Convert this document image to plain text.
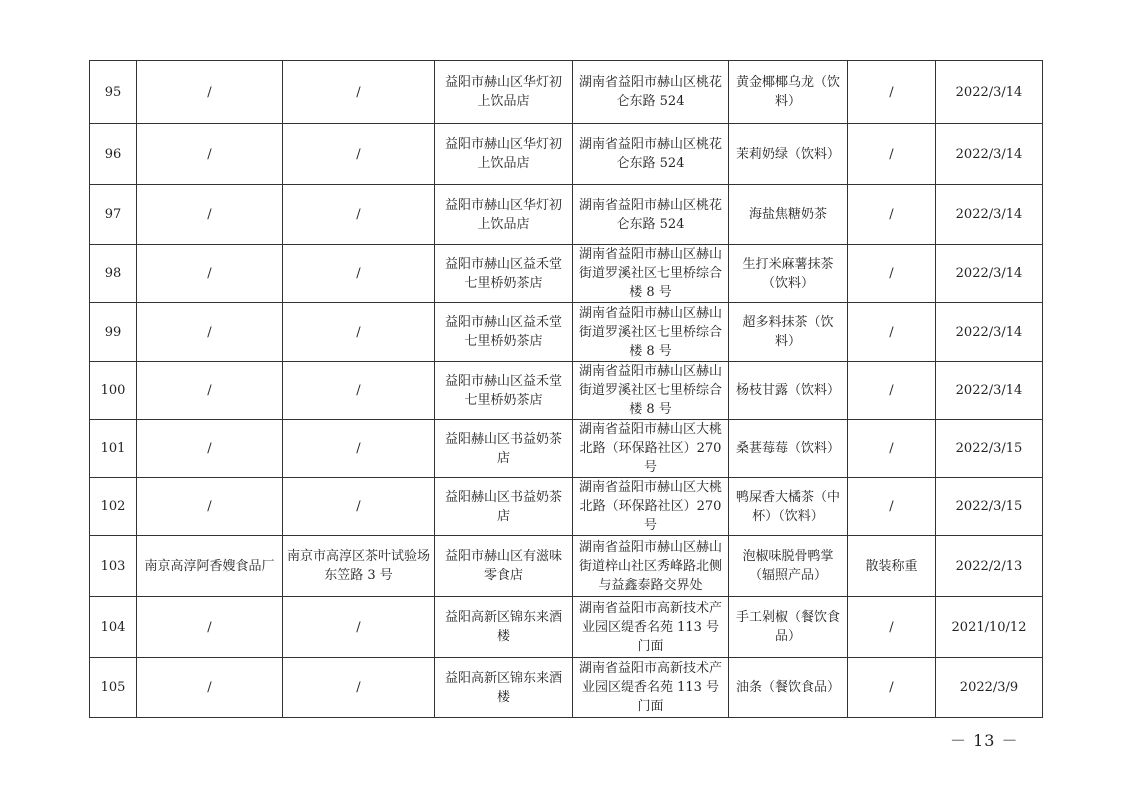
95	/	/	益阳市赫山区华灯初上饮品店	湖南省益阳市赫山区桃花仑东路 524	黄金椰椰乌龙（饮料）	/	2022/3/14
96	/	/	益阳市赫山区华灯初上饮品店	湖南省益阳市赫山区桃花仑东路 524	茉莉奶绿（饮料）	/	2022/3/14
97	/	/	益阳市赫山区华灯初上饮品店	湖南省益阳市赫山区桃花仑东路 524	海盐焦糖奶茶	/	2022/3/14
98	/	/	益阳市赫山区益禾堂七里桥奶茶店	湖南省益阳市赫山区赫山街道罗溪社区七里桥综合楼 8 号	生打米麻薯抹茶（饮料）	/	2022/3/14
99	/	/	益阳市赫山区益禾堂七里桥奶茶店	湖南省益阳市赫山区赫山街道罗溪社区七里桥综合楼 8 号	超多料抹茶（饮料）	/	2022/3/14
100	/	/	益阳市赫山区益禾堂七里桥奶茶店	湖南省益阳市赫山区赫山街道罗溪社区七里桥综合楼 8 号	杨枝甘露（饮料）	/	2022/3/14
101	/	/	益阳赫山区书益奶茶店	湖南省益阳市赫山区大桃北路（环保路社区）270 号	桑葚莓莓（饮料）	/	2022/3/15
102	/	/	益阳赫山区书益奶茶店	湖南省益阳市赫山区大桃北路（环保路社区）270 号	鸭屎香大橘茶（中杯）（饮料）	/	2022/3/15
103	南京高淳阿香嫂食品厂	南京市高淳区茶叶试验场东笠路 3 号	益阳市赫山区有滋味零食店	湖南省益阳市赫山区赫山街道梓山社区秀峰路北侧与益鑫泰路交界处	泡椒味脱骨鸭掌（辐照产品）	散装称重	2022/2/13
104	/	/	益阳高新区锦东来酒楼	湖南省益阳市高新技术产业园区缇香名苑 113 号门面	手工剁椒（餐饮食品）	/	2021/10/12
105	/	/	益阳高新区锦东来酒楼	湖南省益阳市高新技术产业园区缇香名苑 113 号门面	油条（餐饮食品）	/	2022/3/9
－ 13 －
